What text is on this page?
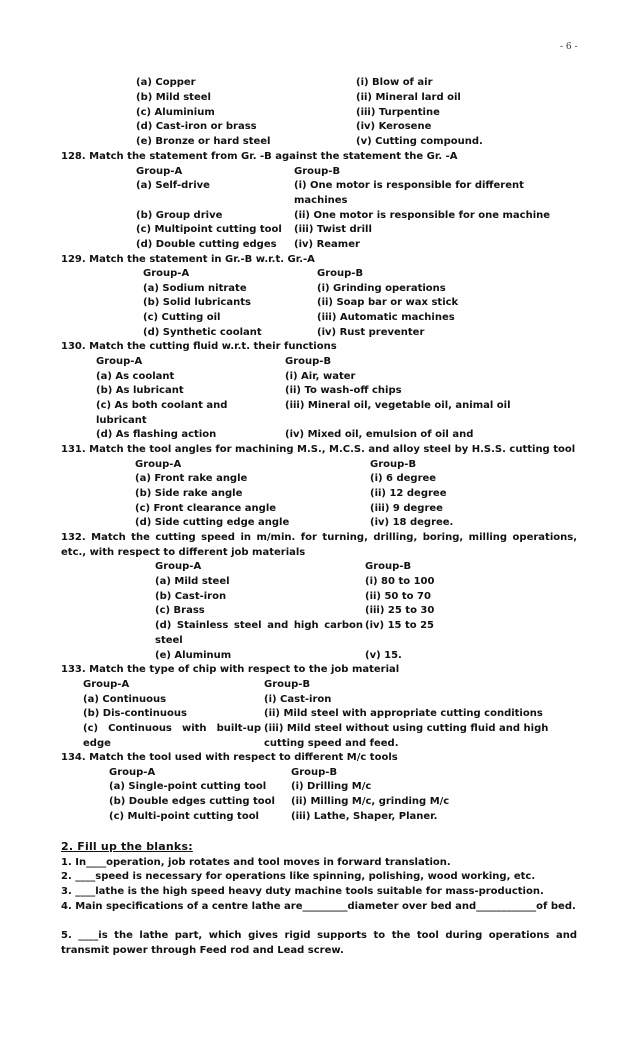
- 6 -
(a) Copper	(i) Blow of air
(b) Mild steel	(ii) Mineral lard oil
(c) Aluminium	(iii) Turpentine
(d) Cast-iron or brass	(iv) Kerosene
(e) Bronze or hard steel	(v) Cutting compound.
128. Match the statement from Gr. -B against the statement the Gr. -A
Group-A	Group-B
(a) Self-drive	(i) One motor is responsible for different machines
(b) Group drive	(ii) One motor is responsible for one machine
(c) Multipoint cutting tool (iii) Twist drill
(d) Double cutting edges (iv) Reamer
129. Match the statement in Gr.-B w.r.t. Gr.-A
Group-A	Group-B
(a) Sodium nitrate	(i) Grinding operations
(b) Solid lubricants	(ii) Soap bar or wax stick
(c) Cutting oil	(iii) Automatic machines
(d) Synthetic coolant	(iv) Rust preventer
130. Match the cutting fluid w.r.t. their functions
Group-A	Group-B
(a) As coolant	(i) Air, water
(b) As lubricant	(ii) To wash-off chips
(c) As both coolant and lubricant
(iii) Mineral oil, vegetable oil, animal oil
(d) As flashing action	(iv) Mixed oil, emulsion of oil and
131. Match the tool angles for machining M.S., M.C.S. and alloy steel by H.S.S. cutting tool
Group-A	Group-B
(a) Front rake angle	(i) 6 degree
(b) Side rake angle	(ii) 12 degree
(c) Front clearance angle	(iii) 9 degree
(d) Side cutting edge angle	(iv) 18 degree.
132. Match the cutting speed in m/min. for turning, drilling, boring, milling operations, etc., with respect to different job materials
Group-A	Group-B
(a) Mild steel	(i) 80 to 100
(b) Cast-iron	(ii) 50 to 70
(c) Brass	(iii) 25 to 30
(d) Stainless steel and high carbon steel
(iv) 15 to 25
(e) Aluminum	(v) 15.
133. Match the type of chip with respect to the job material
Group-A	Group-B
(a) Continuous	(i) Cast-iron
(b) Dis-continuous	(ii) Mild steel with appropriate cutting conditions
(c) Continuous with built-up edge
(iii) Mild steel without using cutting fluid and high cutting speed and feed.
134. Match the tool used with respect to different M/c tools
Group-A	Group-B
(a) Single-point cutting tool (i) Drilling M/c
(b) Double edges cutting tool (ii) Milling M/c, grinding M/c
(c) Multi-point cutting tool	(iii) Lathe, Shaper, Planer.
2. Fill up the blanks:
1. In____operation, job rotates and tool moves in forward translation.
2. ____speed is necessary for operations like spinning, polishing, wood working, etc.
3. ____lathe is the high speed heavy duty machine tools suitable for mass-production.
4. Main specifications of a centre lathe are_________diameter over bed and____________of bed.
5. ____is the lathe part, which gives rigid supports to the tool during operations and transmit power through Feed rod and Lead screw.
